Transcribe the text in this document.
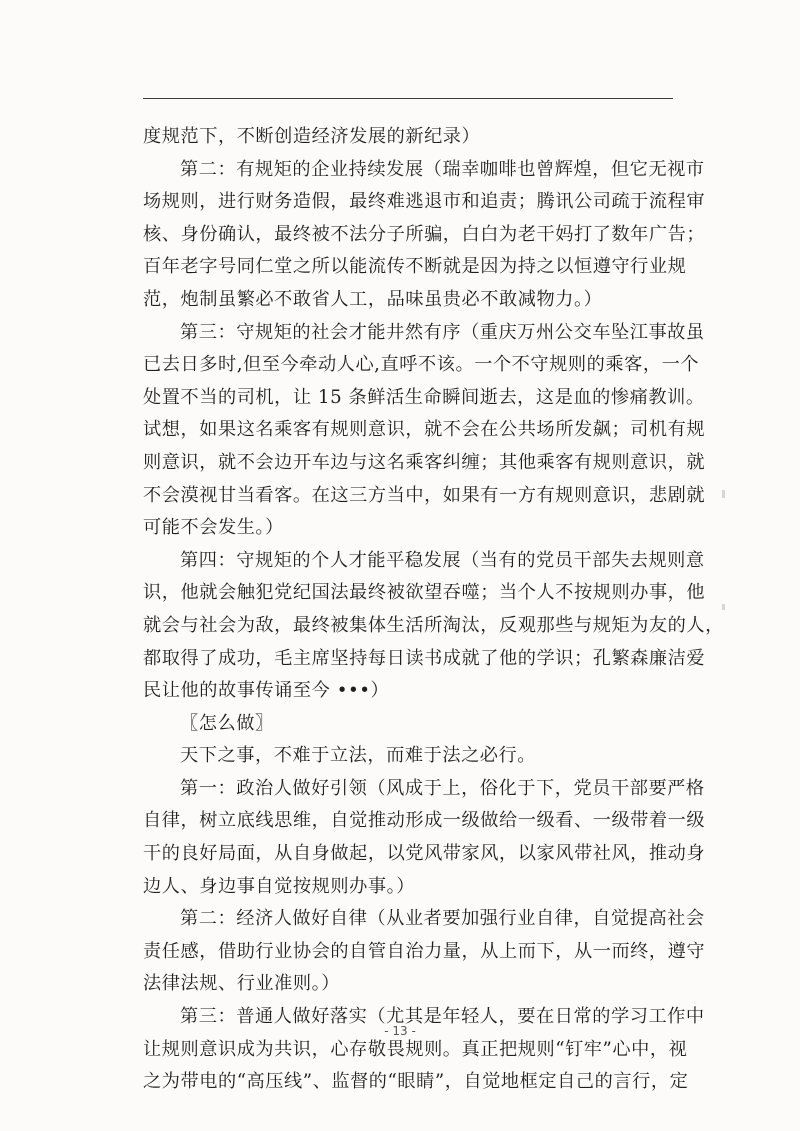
度规范下，不断创造经济发展的新纪录）
第二：有规矩的企业持续发展（瑞幸咖啡也曾辉煌，但它无视市
场规则，进行财务造假，最终难逃退市和追责；腾讯公司疏于流程审
核、身份确认，最终被不法分子所骗，白白为老干妈打了数年广告；
百年老字号同仁堂之所以能流传不断就是因为持之以恒遵守行业规
范，炮制虽繁必不敢省人工，品味虽贵必不敢减物力。）
第三：守规矩的社会才能井然有序（重庆万州公交车坠江事故虽
已去日多时,但至今牵动人心,直呼不该。一个不守规则的乘客，一个
处置不当的司机，让 15 条鲜活生命瞬间逝去，这是血的惨痛教训。
试想，如果这名乘客有规则意识，就不会在公共场所发飙；司机有规
则意识，就不会边开车边与这名乘客纠缠；其他乘客有规则意识，就
不会漠视甘当看客。在这三方当中，如果有一方有规则意识，悲剧就
可能不会发生。）
第四：守规矩的个人才能平稳发展（当有的党员干部失去规则意
识，他就会触犯党纪国法最终被欲望吞噬；当个人不按规则办事，他
就会与社会为敌，最终被集体生活所淘汰，反观那些与规矩为友的人，
都取得了成功，毛主席坚持每日读书成就了他的学识；孔繁森廉洁爱
民让他的故事传诵至今 •••）
〖怎么做〗
天下之事，不难于立法，而难于法之必行。
第一：政治人做好引领（风成于上，俗化于下，党员干部要严格
自律，树立底线思维，自觉推动形成一级做给一级看、一级带着一级
干的良好局面，从自身做起，以党风带家风，以家风带社风，推动身
边人、身边事自觉按规则办事。）
第二：经济人做好自律（从业者要加强行业自律，自觉提高社会
责任感，借助行业协会的自管自治力量，从上而下，从一而终，遵守
法律法规、行业准则。）
第三：普通人做好落实（尤其是年轻人，要在日常的学习工作中
让规则意识成为共识，心存敬畏规则。真正把规则“钉牢”心中，视
之为带电的“高压线”、监督的“眼睛”，自觉地框定自己的言行，定
- 13 -
